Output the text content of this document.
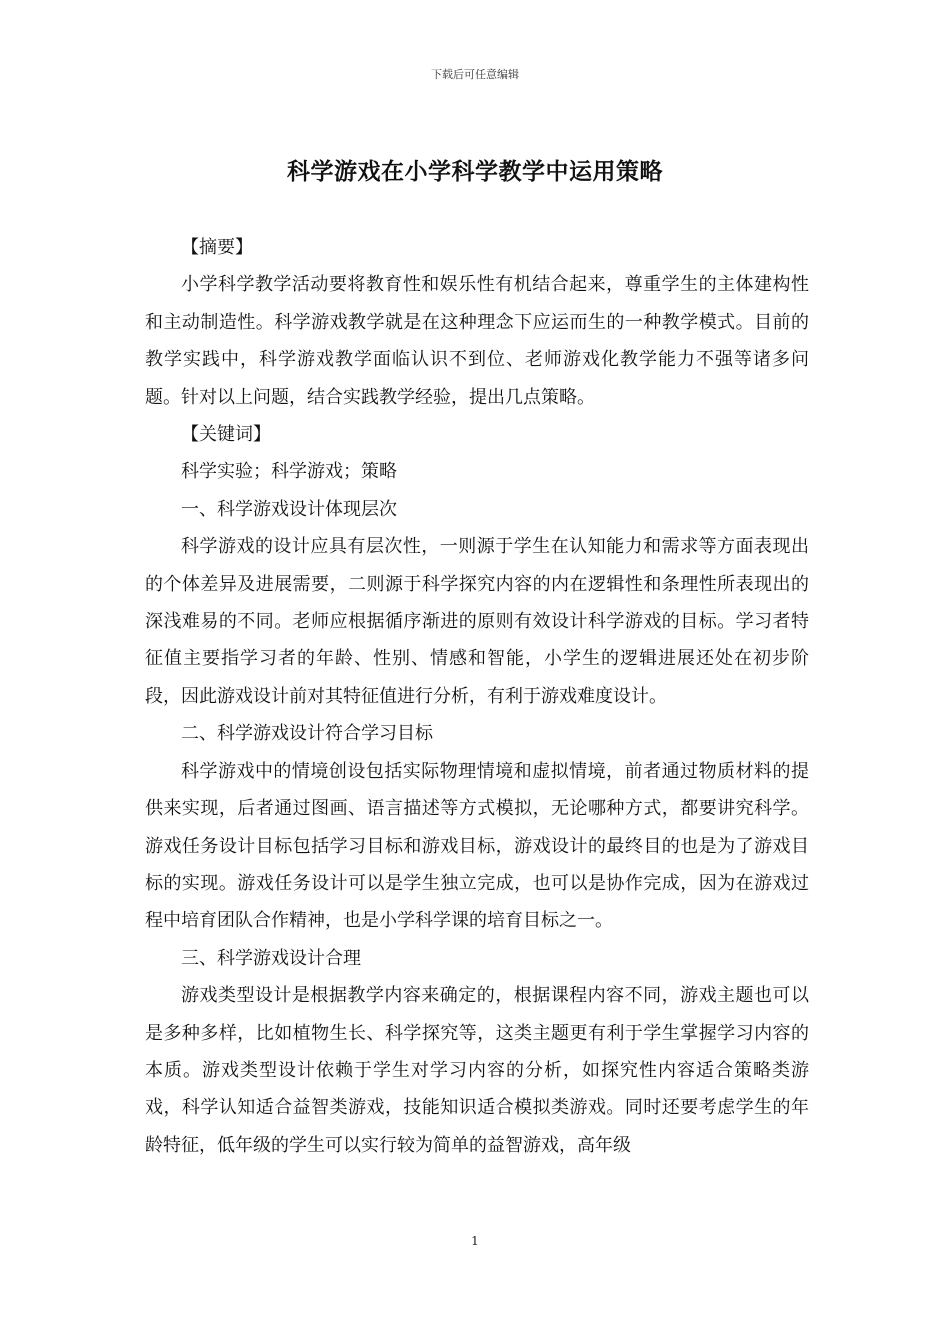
下载后可任意编辑
科学游戏在小学科学教学中运用策略

【摘要】

小学科学教学活动要将教育性和娱乐性有机结合起来，尊重学生的主体建构性和主动制造性。科学游戏教学就是在这种理念下应运而生的一种教学模式。目前的教学实践中，科学游戏教学面临认识不到位、老师游戏化教学能力不强等诸多问题。针对以上问题，结合实践教学经验，提出几点策略。

【关键词】

科学实验；科学游戏；策略

一、科学游戏设计体现层次

科学游戏的设计应具有层次性，一则源于学生在认知能力和需求等方面表现出的个体差异及进展需要，二则源于科学探究内容的内在逻辑性和条理性所表现出的深浅难易的不同。老师应根据循序渐进的原则有效设计科学游戏的目标。学习者特征值主要指学习者的年龄、性别、情感和智能，小学生的逻辑进展还处在初步阶段，因此游戏设计前对其特征值进行分析，有利于游戏难度设计。

二、科学游戏设计符合学习目标

科学游戏中的情境创设包括实际物理情境和虚拟情境，前者通过物质材料的提供来实现，后者通过图画、语言描述等方式模拟，无论哪种方式，都要讲究科学。游戏任务设计目标包括学习目标和游戏目标，游戏设计的最终目的也是为了游戏目标的实现。游戏任务设计可以是学生独立完成，也可以是协作完成，因为在游戏过程中培育团队合作精神，也是小学科学课的培育目标之一。

三、科学游戏设计合理

游戏类型设计是根据教学内容来确定的，根据课程内容不同，游戏主题也可以是多种多样，比如植物生长、科学探究等，这类主题更有利于学生掌握学习内容的本质。游戏类型设计依赖于学生对学习内容的分析，如探究性内容适合策略类游戏，科学认知适合益智类游戏，技能知识适合模拟类游戏。同时还要考虑学生的年龄特征，低年级的学生可以实行较为简单的益智游戏，高年级

1
